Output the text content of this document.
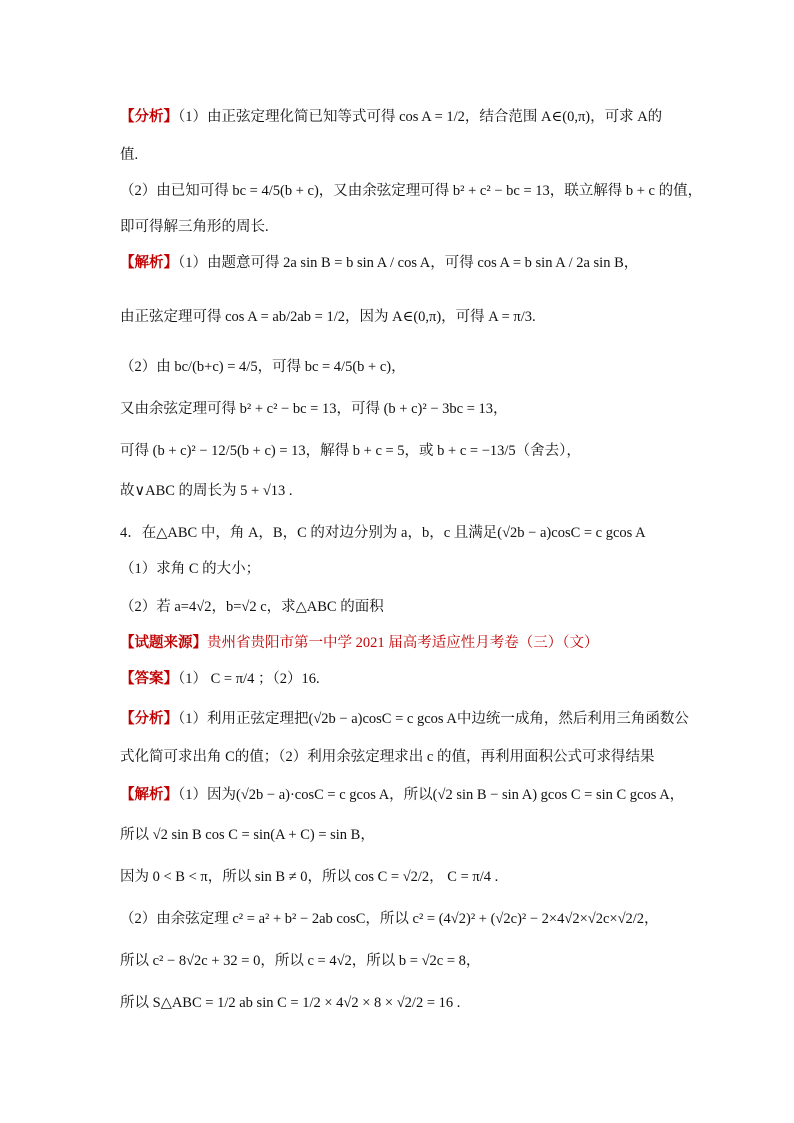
【分析】（1）由正弦定理化简已知等式可得 cos A = 1/2，结合范围 A∈(0,π)，可求 A的
值.
（2）由已知可得 bc = 4/5(b + c)，又由余弦定理可得 b² + c² − bc = 13，联立解得 b + c 的值，
即可得解三角形的周长.
【解析】（1）由题意可得 2a sin B = b sin A / cos A，可得 cos A = b sin A / 2a sin B，
由正弦定理可得 cos A = ab/2ab = 1/2，因为 A∈(0,π)，可得 A = π/3.
（2）由 bc/(b+c) = 4/5，可得 bc = 4/5(b + c)，
又由余弦定理可得 b² + c² − bc = 13，可得 (b + c)² − 3bc = 13，
可得 (b + c)² − 12/5(b + c) = 13，解得 b + c = 5，或 b + c = −13/5（舍去），
故∨ABC 的周长为 5 + √13 .
4．在△ABC 中，角 A，B，C 的对边分别为 a，b，c 且满足(√2b − a)cosC = c gcos A
（1）求角 C 的大小；
（2）若 a=4√2，b=√2 c，求△ABC 的面积
【试题来源】贵州省贵阳市第一中学 2021 届高考适应性月考卷（三）（文）
【答案】（1） C = π/4 ；（2）16.
【分析】（1）利用正弦定理把(√2b − a)cosC = c gcos A中边统一成角，然后利用三角函数公
式化简可求出角 C的值；（2）利用余弦定理求出 c 的值，再利用面积公式可求得结果
【解析】（1）因为(√2b − a)·cosC = c gcos A，所以(√2 sin B − sin A) gcos C = sin C gcos A，
所以 √2 sin B cos C = sin(A + C) = sin B，
因为 0 < B < π，所以 sin B ≠ 0，所以 cos C = √2/2， C = π/4 .
（2）由余弦定理 c² = a² + b² − 2ab cosC，所以 c² = (4√2)² + (√2c)² − 2×4√2×√2c×√2/2，
所以 c² − 8√2c + 32 = 0，所以 c = 4√2，所以 b = √2c = 8，
所以 S△ABC = 1/2 ab sin C = 1/2 × 4√2 × 8 × √2/2 = 16 .
